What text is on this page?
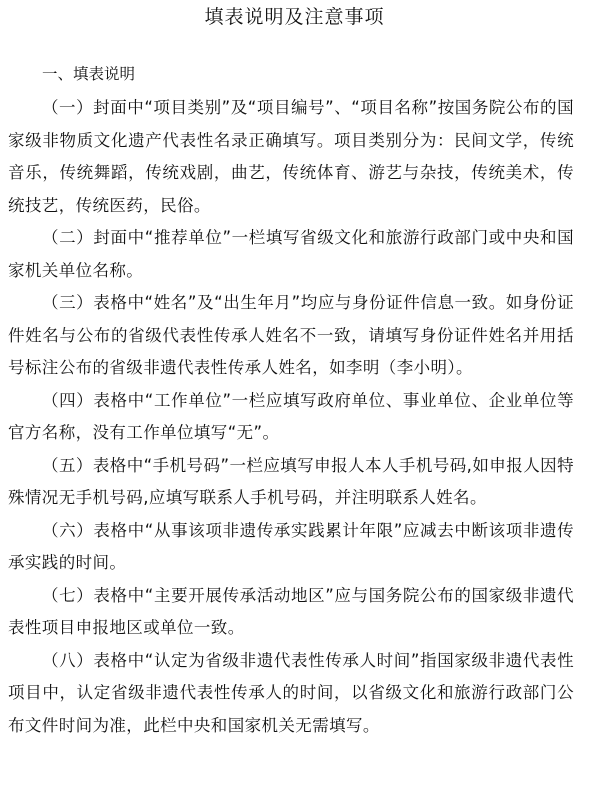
填表说明及注意事项
一、填表说明

（一）封面中“项目类别”及“项目编号”、“项目名称”按国务院公布的国家级非物质文化遗产代表性名录正确填写。项目类别分为：民间文学，传统音乐，传统舞蹈，传统戏剧，曲艺，传统体育、游艺与杂技，传统美术，传统技艺，传统医药，民俗。

（二）封面中“推荐单位”一栏填写省级文化和旅游行政部门或中央和国家机关单位名称。

（三）表格中“姓名”及“出生年月”均应与身份证件信息一致。如身份证件姓名与公布的省级代表性传承人姓名不一致，请填写身份证件姓名并用括号标注公布的省级非遗代表性传承人姓名，如李明（李小明）。

（四）表格中“工作单位”一栏应填写政府单位、事业单位、企业单位等官方名称，没有工作单位填写“无”。

（五）表格中“手机号码”一栏应填写申报人本人手机号码,如申报人因特殊情况无手机号码,应填写联系人手机号码，并注明联系人姓名。

（六）表格中“从事该项非遗传承实践累计年限”应减去中断该项非遗传承实践的时间。

（七）表格中“主要开展传承活动地区”应与国务院公布的国家级非遗代表性项目申报地区或单位一致。

（八）表格中“认定为省级非遗代表性传承人时间”指国家级非遗代表性项目中，认定省级非遗代表性传承人的时间，以省级文化和旅游行政部门公布文件时间为准，此栏中央和国家机关无需填写。
